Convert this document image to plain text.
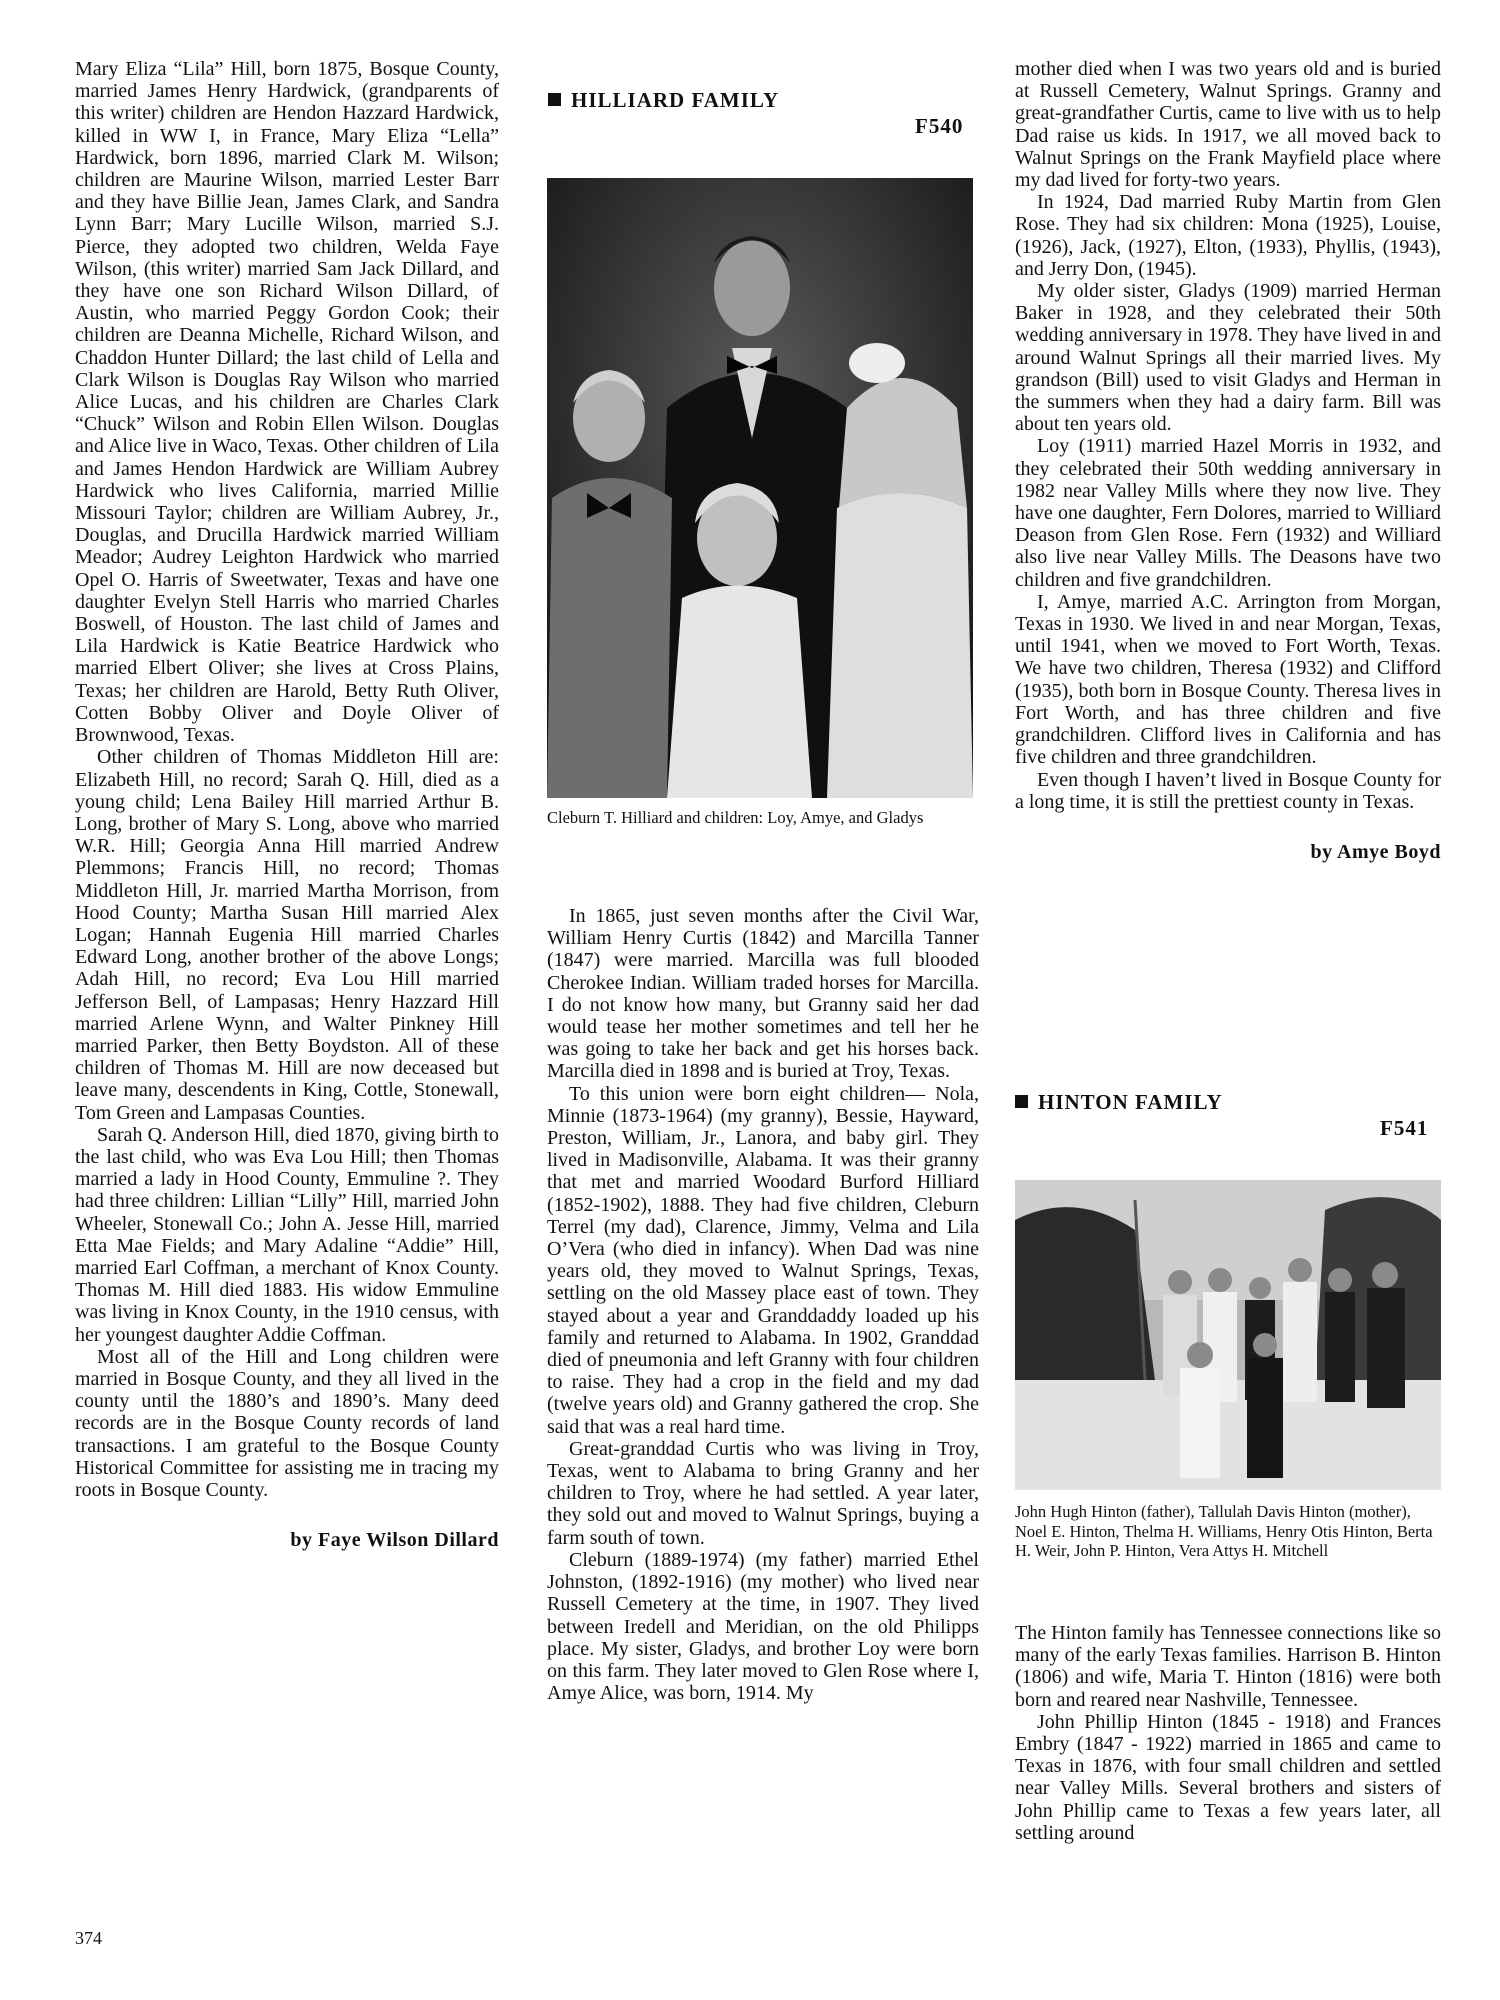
Mary Eliza “Lila” Hill, born 1875, Bosque County, married James Henry Hardwick, (grandparents of this writer) children are Hendon Hazzard Hardwick, killed in WW I, in France, Mary Eliza “Lella” Hardwick, born 1896, married Clark M. Wilson; children are Maurine Wilson, married Lester Barr and they have Billie Jean, James Clark, and Sandra Lynn Barr; Mary Lucille Wilson, married S.J. Pierce, they adopted two children, Welda Faye Wilson, (this writer) married Sam Jack Dillard, and they have one son Richard Wilson Dillard, of Austin, who married Peggy Gordon Cook; their children are Deanna Michelle, Richard Wilson, and Chaddon Hunter Dillard; the last child of Lella and Clark Wilson is Douglas Ray Wilson who married Alice Lucas, and his children are Charles Clark “Chuck” Wilson and Robin Ellen Wilson. Douglas and Alice live in Waco, Texas. Other children of Lila and James Hendon Hardwick are William Aubrey Hardwick who lives California, married Millie Missouri Taylor; children are William Aubrey, Jr., Douglas, and Drucilla Hardwick married William Meador; Audrey Leighton Hardwick who married Opel O. Harris of Sweetwater, Texas and have one daughter Evelyn Stell Harris who married Charles Boswell, of Houston. The last child of James and Lila Hardwick is Katie Beatrice Hardwick who married Elbert Oliver; she lives at Cross Plains, Texas; her children are Harold, Betty Ruth Oliver, Cotten Bobby Oliver and Doyle Oliver of Brownwood, Texas.

Other children of Thomas Middleton Hill are: Elizabeth Hill, no record; Sarah Q. Hill, died as a young child; Lena Bailey Hill married Arthur B. Long, brother of Mary S. Long, above who married W.R. Hill; Georgia Anna Hill married Andrew Plemmons; Francis Hill, no record; Thomas Middleton Hill, Jr. married Martha Morrison, from Hood County; Martha Susan Hill married Alex Logan; Hannah Eugenia Hill married Charles Edward Long, another brother of the above Longs; Adah Hill, no record; Eva Lou Hill married Jefferson Bell, of Lampasas; Henry Hazzard Hill married Arlene Wynn, and Walter Pinkney Hill married Parker, then Betty Boydston. All of these children of Thomas M. Hill are now deceased but leave many, descendents in King, Cottle, Stonewall, Tom Green and Lampasas Counties.

Sarah Q. Anderson Hill, died 1870, giving birth to the last child, who was Eva Lou Hill; then Thomas married a lady in Hood County, Emmuline ?. They had three children: Lillian “Lilly” Hill, married John Wheeler, Stonewall Co.; John A. Jesse Hill, married Etta Mae Fields; and Mary Adaline “Addie” Hill, married Earl Coffman, a merchant of Knox County. Thomas M. Hill died 1883. His widow Emmuline was living in Knox County, in the 1910 census, with her youngest daughter Addie Coffman.

Most all of the Hill and Long children were married in Bosque County, and they all lived in the county until the 1880’s and 1890’s. Many deed records are in the Bosque County records of land transactions. I am grateful to the Bosque County Historical Committee for assisting me in tracing my roots in Bosque County.

by Faye Wilson Dillard

HILLIARD FAMILY
F540
Cleburn T. Hilliard and children: Loy, Amye, and Gladys

In 1865, just seven months after the Civil War, William Henry Curtis (1842) and Marcilla Tanner (1847) were married. Marcilla was full blooded Cherokee Indian. William traded horses for Marcilla. I do not know how many, but Granny said her dad would tease her mother sometimes and tell her he was going to take her back and get his horses back. Marcilla died in 1898 and is buried at Troy, Texas.

To this union were born eight children— Nola, Minnie (1873-1964) (my granny), Bessie, Hayward, Preston, William, Jr., Lanora, and baby girl. They lived in Madisonville, Alabama. It was their granny that met and married Woodard Burford Hilliard (1852-1902), 1888. They had five children, Cleburn Terrel (my dad), Clarence, Jimmy, Velma and Lila O’Vera (who died in infancy). When Dad was nine years old, they moved to Walnut Springs, Texas, settling on the old Massey place east of town. They stayed about a year and Granddaddy loaded up his family and returned to Alabama. In 1902, Granddad died of pneumonia and left Granny with four children to raise. They had a crop in the field and my dad (twelve years old) and Granny gathered the crop. She said that was a real hard time.

Great-granddad Curtis who was living in Troy, Texas, went to Alabama to bring Granny and her children to Troy, where he had settled. A year later, they sold out and moved to Walnut Springs, buying a farm south of town.

Cleburn (1889-1974) (my father) married Ethel Johnston, (1892-1916) (my mother) who lived near Russell Cemetery at the time, in 1907. They lived between Iredell and Meridian, on the old Philipps place. My sister, Gladys, and brother Loy were born on this farm. They later moved to Glen Rose where I, Amye Alice, was born, 1914. My

mother died when I was two years old and is buried at Russell Cemetery, Walnut Springs. Granny and great-grandfather Curtis, came to live with us to help Dad raise us kids. In 1917, we all moved back to Walnut Springs on the Frank Mayfield place where my dad lived for forty-two years.

In 1924, Dad married Ruby Martin from Glen Rose. They had six children: Mona (1925), Louise, (1926), Jack, (1927), Elton, (1933), Phyllis, (1943), and Jerry Don, (1945).

My older sister, Gladys (1909) married Herman Baker in 1928, and they celebrated their 50th wedding anniversary in 1978. They have lived in and around Walnut Springs all their married lives. My grandson (Bill) used to visit Gladys and Herman in the summers when they had a dairy farm. Bill was about ten years old.

Loy (1911) married Hazel Morris in 1932, and they celebrated their 50th wedding anniversary in 1982 near Valley Mills where they now live. They have one daughter, Fern Dolores, married to Williard Deason from Glen Rose. Fern (1932) and Williard also live near Valley Mills. The Deasons have two children and five grandchildren.

I, Amye, married A.C. Arrington from Morgan, Texas in 1930. We lived in and near Morgan, Texas, until 1941, when we moved to Fort Worth, Texas. We have two children, Theresa (1932) and Clifford (1935), both born in Bosque County. Theresa lives in Fort Worth, and has three children and five grandchildren. Clifford lives in California and has five children and three grandchildren.

Even though I haven’t lived in Bosque County for a long time, it is still the prettiest county in Texas.

by Amye Boyd

HINTON FAMILY
F541
John Hugh Hinton (father), Tallulah Davis Hinton (mother), Noel E. Hinton, Thelma H. Williams, Henry Otis Hinton, Berta H. Weir, John P. Hinton, Vera Attys H. Mitchell

The Hinton family has Tennessee connections like so many of the early Texas families. Harrison B. Hinton (1806) and wife, Maria T. Hinton (1816) were both born and reared near Nashville, Tennessee.

John Phillip Hinton (1845 - 1918) and Frances Embry (1847 - 1922) married in 1865 and came to Texas in 1876, with four small children and settled near Valley Mills. Several brothers and sisters of John Phillip came to Texas a few years later, all settling around

374
